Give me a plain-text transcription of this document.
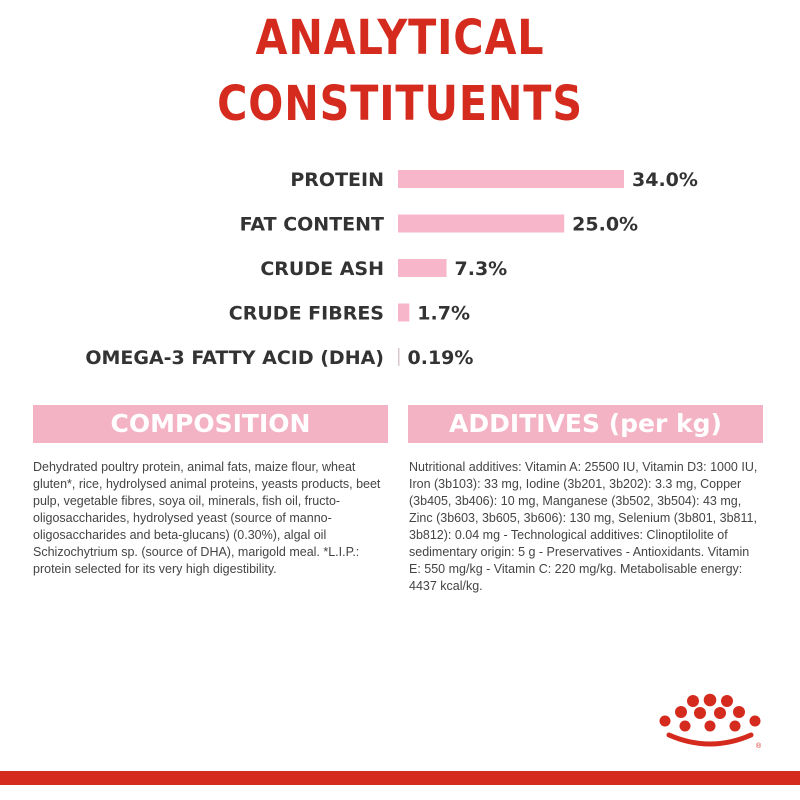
ANALYTICAL
CONSTITUENTS
PROTEIN	34.0%
FAT CONTENT	25.0%
CRUDE ASH	7.3%
CRUDE FIBRES 1.7%
OMEGA-3 FATTY ACID (DHA) 0.19%
COMPOSITION	ADDITIVES (per kg)

Dehydrated poultry protein, animal fats, maize flour, wheat gluten*, rice, hydrolysed animal proteins, yeasts products, beet pulp, vegetable fibres, soya oil, minerals, fish oil, fructo-oligosaccharides, hydrolysed yeast (source of manno-oligosaccharides and beta-glucans) (0.30%), algal oil Schizochytrium sp. (source of DHA), marigold meal. *L.I.P.: protein selected for its very high digestibility.

Nutritional additives: Vitamin A: 25500 IU, Vitamin D3: 1000 IU, Iron (3b103): 33 mg, Iodine (3b201, 3b202): 3.3 mg, Copper (3b405, 3b406): 10 mg, Manganese (3b502, 3b504): 43 mg, Zinc (3b603, 3b605, 3b606): 130 mg, Selenium (3b801, 3b811, 3b812): 0.04 mg - Technological additives: Clinoptilolite of sedimentary origin: 5 g - Preservatives - Antioxidants. Vitamin E: 550 mg/kg - Vitamin C: 220 mg/kg. Metabolisable energy: 4437 kcal/kg.

®
